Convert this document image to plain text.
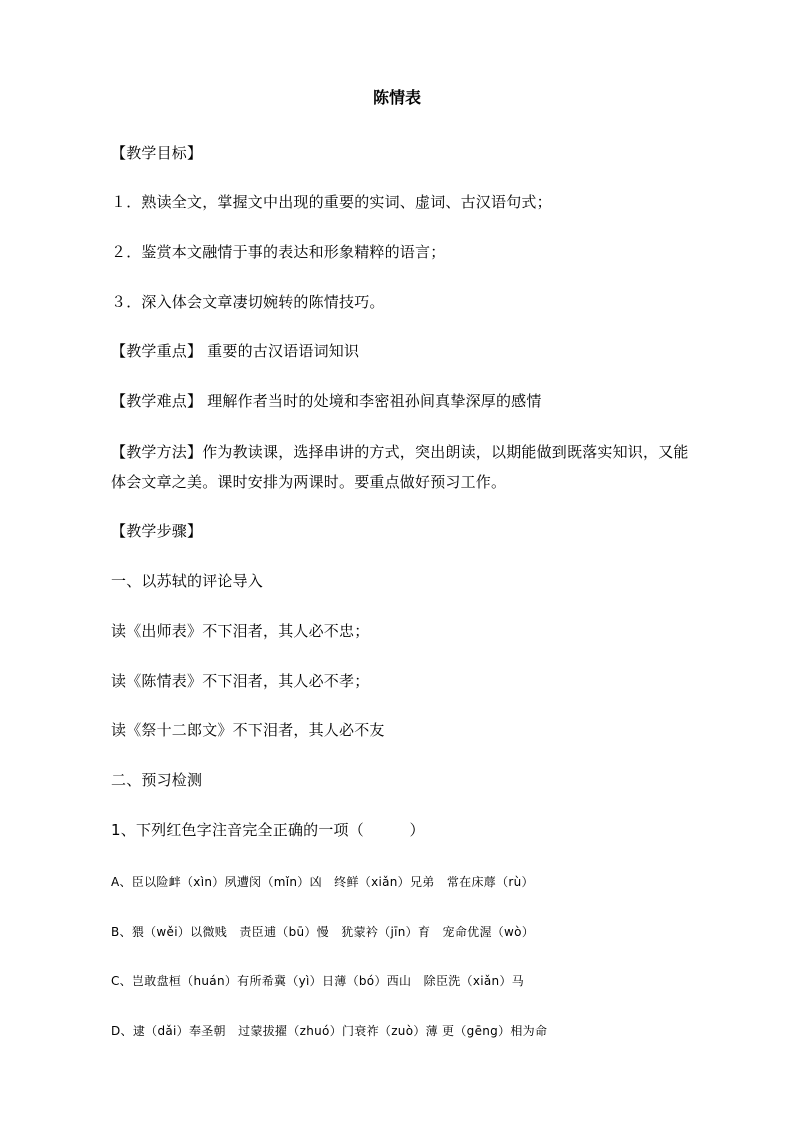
陈情表
【教学目标】
１．熟读全文，掌握文中出现的重要的实词、虚词、古汉语句式；
２．鉴赏本文融情于事的表达和形象精粹的语言；
３．深入体会文章凄切婉转的陈情技巧。
【教学重点】 重要的古汉语语词知识
【教学难点】 理解作者当时的处境和李密祖孙间真挚深厚的感情
【教学方法】作为教读课，选择串讲的方式，突出朗读，以期能做到既落实知识，又能
体会文章之美。课时安排为两课时。要重点做好预习工作。
【教学步骤】
一、以苏轼的评论导入
读《出师表》不下泪者，其人必不忠；
读《陈情表》不下泪者，其人必不孝；
读《祭十二郎文》不下泪者，其人必不友
二、预习检测
1、下列红色字注音完全正确的一项（　　　）
A、臣以险衅（xìn）夙遭闵（mǐn）凶　终鲜（xiǎn）兄弟　常在床蓐（rù）
B、猥（wěi）以微贱　责臣逋（bū）慢　犹蒙衿（jīn）育　宠命优渥（wò）
C、岂敢盘桓（huán）有所希冀（yì）日薄（bó）西山　除臣洗（xiǎn）马
D、逮（dǎi）奉圣朝　过蒙拔擢（zhuó）门衰祚（zuò）薄 更（gēng）相为命
